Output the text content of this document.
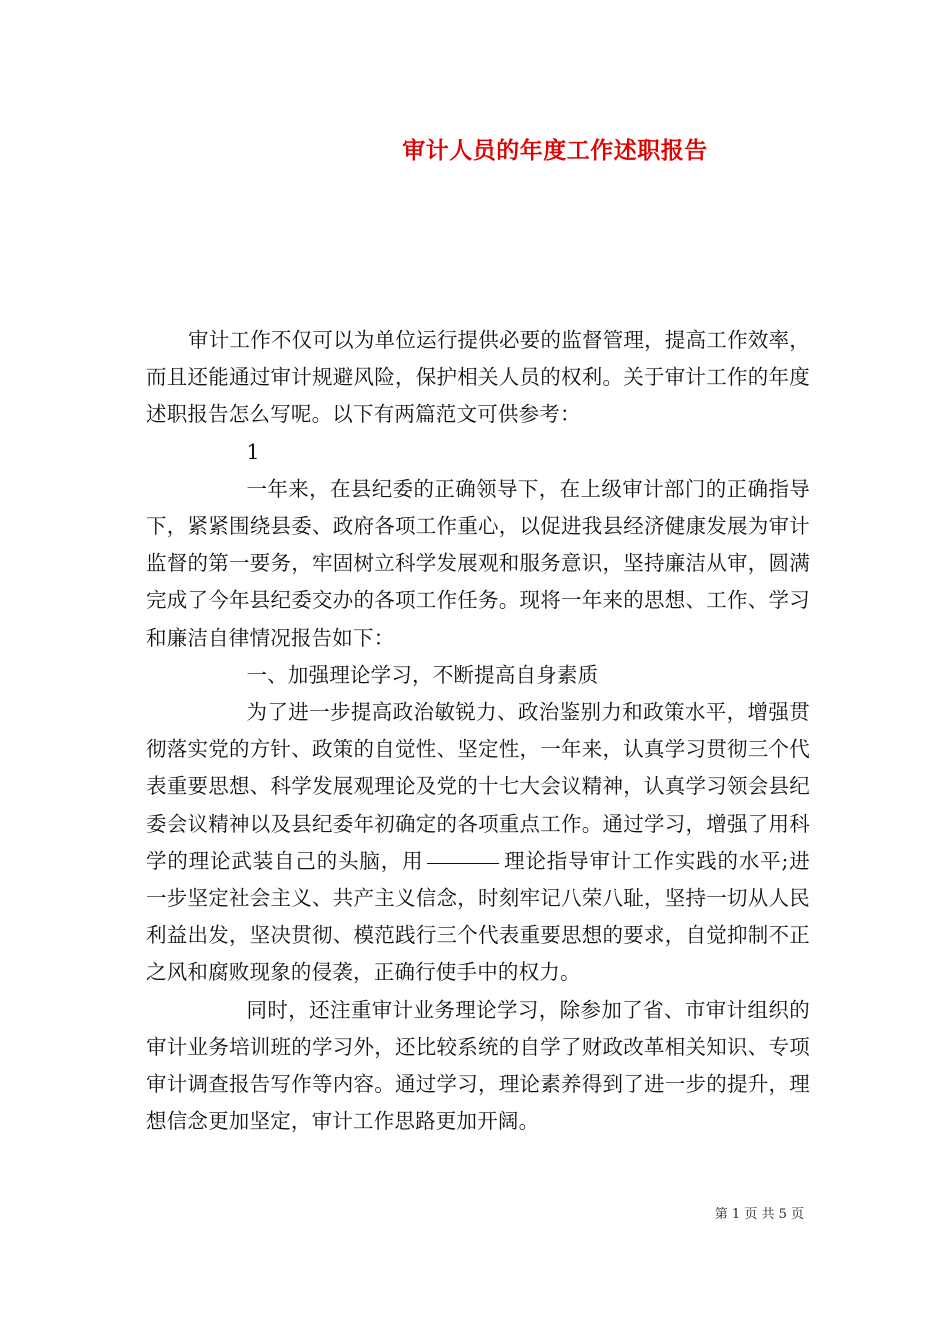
审计人员的年度工作述职报告

审计工作不仅可以为单位运行提供必要的监督管理，提高工作效率，而且还能通过审计规避风险，保护相关人员的权利。关于审计工作的年度述职报告怎么写呢。以下有两篇范文可供参考：

1

一年来，在县纪委的正确领导下，在上级审计部门的正确指导下，紧紧围绕县委、政府各项工作重心，以促进我县经济健康发展为审计监督的第一要务，牢固树立科学发展观和服务意识，坚持廉洁从审，圆满完成了今年县纪委交办的各项工作任务。现将一年来的思想、工作、学习和廉洁自律情况报告如下：

一、加强理论学习，不断提高自身素质

为了进一步提高政治敏锐力、政治鉴别力和政策水平，增强贯彻落实党的方针、政策的自觉性、坚定性，一年来，认真学习贯彻三个代表重要思想、科学发展观理论及党的十七大会议精神，认真学习领会县纪委会议精神以及县纪委年初确定的各项重点工作。通过学习，增强了用科学的理论武装自己的头脑，用	理论指导审计工作实践的水平;进一步坚定社会主义、共产主义信念，时刻牢记八荣八耻，坚持一切从人民利益出发，坚决贯彻、模范践行三个代表重要思想的要求，自觉抑制不正之风和腐败现象的侵袭，正确行使手中的权力。

同时，还注重审计业务理论学习，除参加了省、市审计组织的审计业务培训班的学习外，还比较系统的自学了财政改革相关知识、专项审计调查报告写作等内容。通过学习，理论素养得到了进一步的提升，理想信念更加坚定，审计工作思路更加开阔。

第 1 页 共 5 页
